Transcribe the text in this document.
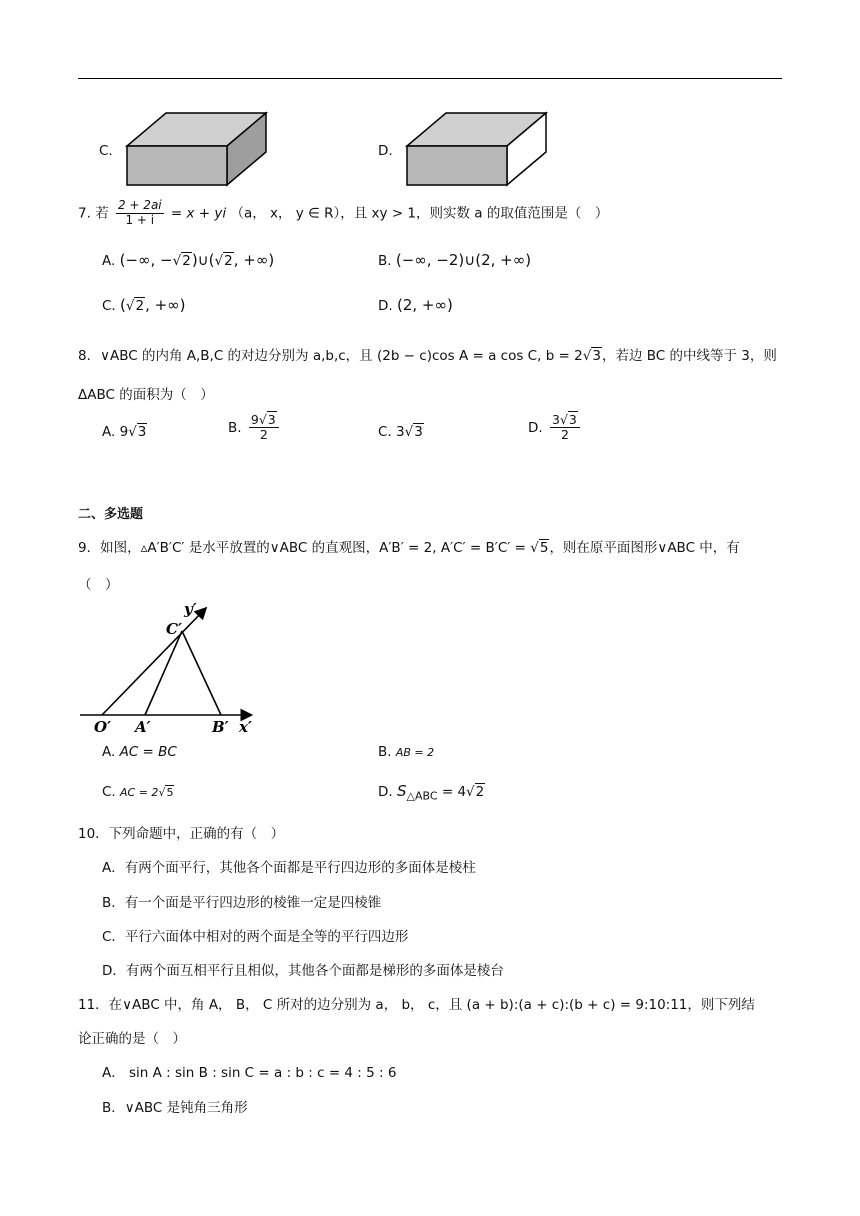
C.	D.
7. 若 $\frac{2 + 2ai}{1 + i} = x$ + yi （a， x， y ∈ R），且 xy > 1，则实数 a 的取值范围是（　）
A. (−∞, −√2)∪(√2, +∞)	B. (−∞, −2)∪(2, +∞)
C. (√2, +∞)	D. (2, +∞)
8．∨ABC 的内角 A,B,C 的对边分别为 a,b,c，且 (2b − c)cos A = a cos C, b = 2√3，若边 BC 的中线等于 3，则
ΔABC 的面积为（　）
A. 9√3	B. $\frac{9√3}{2}$	C. 3√3	D. $\frac{3√3}{2}$
二、多选题
9．如图，▵A′B′C′ 是水平放置的∨ABC 的直观图，A′B′ = 2, A′C′ = B′C′ = √5，则在原平面图形∨ABC 中，有
（　）
y′
C′
O′ A′	B′ x′
A. AC = BC	B. AB = 2
C. AC = 2√5	D. $S_{\triangle ABC} = 4√2$
10．下列命题中，正确的有（　）
A．有两个面平行，其他各个面都是平行四边形的多面体是棱柱
B．有一个面是平行四边形的棱锥一定是四棱锥
C．平行六面体中相对的两个面是全等的平行四边形
D．有两个面互相平行且相似，其他各个面都是梯形的多面体是棱台
11．在∨ABC 中，角 A， B， C 所对的边分别为 a， b， c，且 (a + b):(a + c):(b + c) = 9:10:11，则下列结
论正确的是（　）
A． sin A : sin B : sin C = a : b : c = 4 : 5 : 6
B．∨ABC 是钝角三角形
